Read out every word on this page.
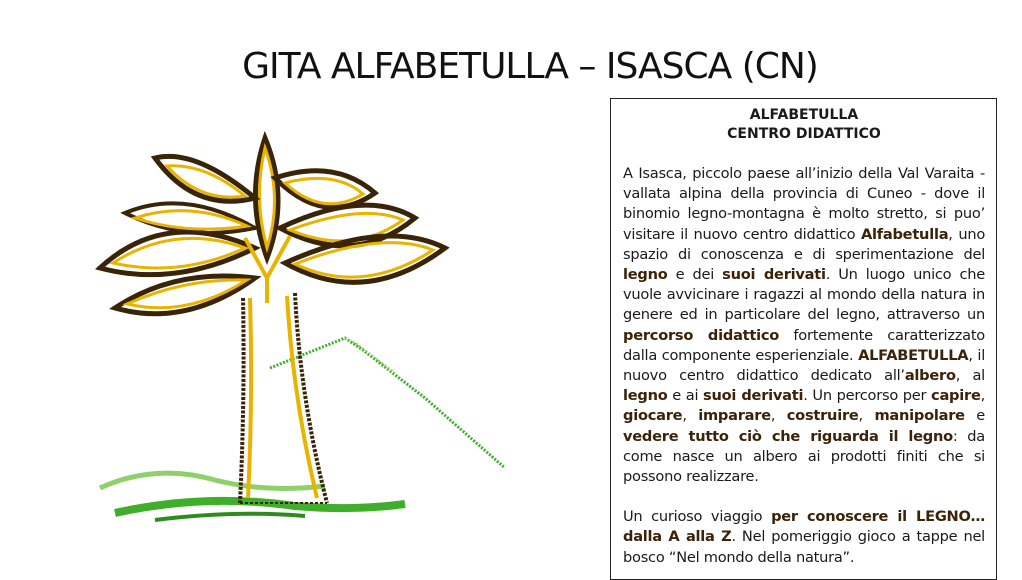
GITA ALFABETULLA – ISASCA (CN)
ALFABETULLA
CENTRO DIDATTICO

A Isasca, piccolo paese all’inizio della Val Varaita - vallata alpina della provincia di Cuneo - dove il binomio legno-montagna è molto stretto, si puo’ visitare il nuovo centro didattico Alfabetulla, uno spazio di conoscenza e di sperimentazione del legno e dei suoi derivati. Un luogo unico che vuole avvicinare i ragazzi al mondo della natura in genere ed in particolare del legno, attraverso un percorso didattico fortemente caratterizzato dalla componente esperienziale. ALFABETULLA, il nuovo centro didattico dedicato all’albero, al legno e ai suoi derivati. Un percorso per capire, giocare, imparare, costruire, manipolare e vedere tutto ciò che riguarda il legno: da come nasce un albero ai prodotti finiti che si possono realizzare.

Un curioso viaggio per conoscere il LEGNO… dalla A alla Z. Nel pomeriggio gioco a tappe nel bosco “Nel mondo della natura”.
